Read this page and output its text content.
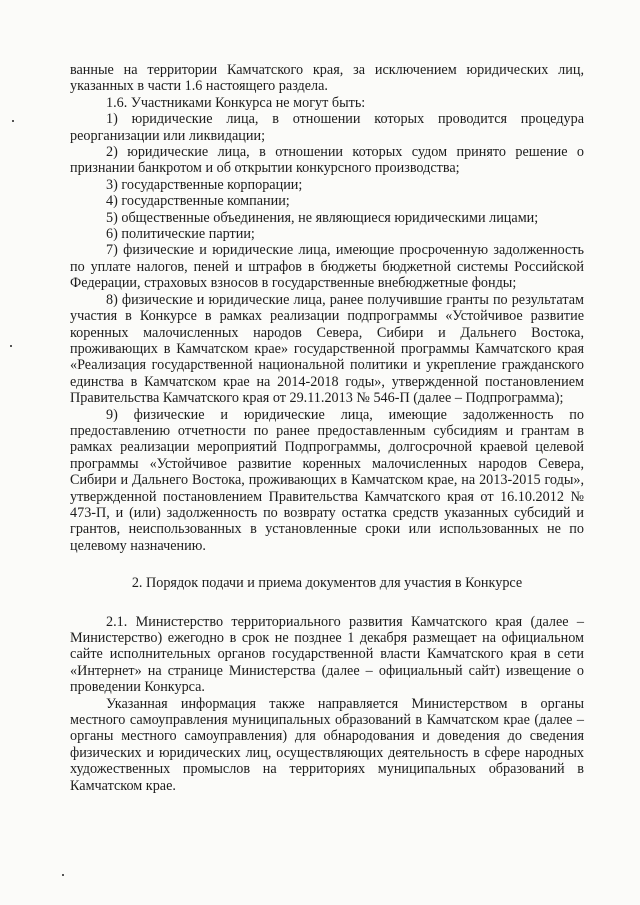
ванные на территории Камчатского края, за исключением юридических лиц, указанных в части 1.6 настоящего раздела.

1.6. Участниками Конкурса не могут быть:

1) юридические лица, в отношении которых проводится процедура реорганизации или ликвидации;

2) юридические лица, в отношении которых судом принято решение о признании банкротом и об открытии конкурсного производства;

3) государственные корпорации;

4) государственные компании;

5) общественные объединения, не являющиеся юридическими лицами;

6) политические партии;

7) физические и юридические лица, имеющие просроченную задолженность по уплате налогов, пеней и штрафов в бюджеты бюджетной системы Российской Федерации, страховых взносов в государственные внебюджетные фонды;

8) физические и юридические лица, ранее получившие гранты по результатам участия в Конкурсе в рамках реализации подпрограммы «Устойчивое развитие коренных малочисленных народов Севера, Сибири и Дальнего Востока, проживающих в Камчатском крае» государственной программы Камчатского края «Реализация государственной национальной политики и укрепление гражданского единства в Камчатском крае на 2014-2018 годы», утвержденной постановлением Правительства Камчатского края от 29.11.2013 № 546-П (далее – Подпрограмма);

9) физические и юридические лица, имеющие задолженность по предоставлению отчетности по ранее предоставленным субсидиям и грантам в рамках реализации мероприятий Подпрограммы, долгосрочной краевой целевой программы «Устойчивое развитие коренных малочисленных народов Севера, Сибири и Дальнего Востока, проживающих в Камчатском крае, на 2013-2015 годы», утвержденной постановлением Правительства Камчатского края от 16.10.2012 № 473-П, и (или) задолженность по возврату остатка средств указанных субсидий и грантов, неиспользованных в установленные сроки или использованных не по целевому назначению.

2. Порядок подачи и приема документов для участия в Конкурсе

2.1. Министерство территориального развития Камчатского края (далее – Министерство) ежегодно в срок не позднее 1 декабря размещает на официальном сайте исполнительных органов государственной власти Камчатского края в сети «Интернет» на странице Министерства (далее – официальный сайт) извещение о проведении Конкурса.

Указанная информация также направляется Министерством в органы местного самоуправления муниципальных образований в Камчатском крае (далее – органы местного самоуправления) для обнародования и доведения до сведения физических и юридических лиц, осуществляющих деятельность в сфере народных художественных промыслов на территориях муниципальных образований в Камчатском крае.
